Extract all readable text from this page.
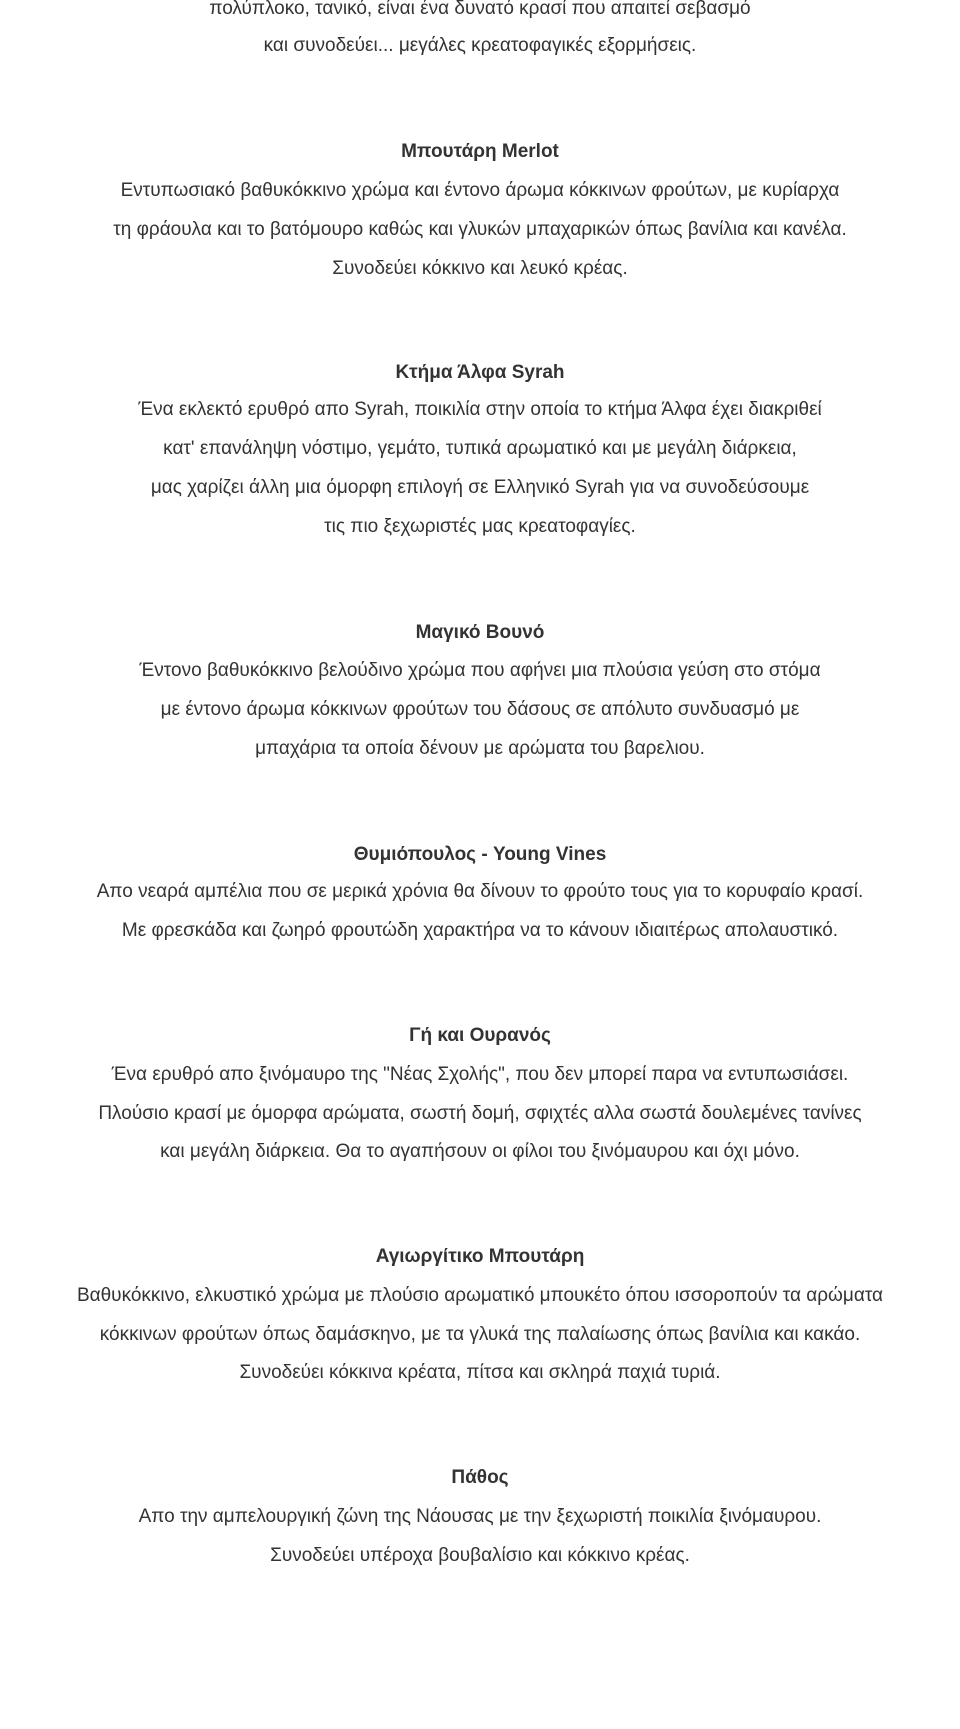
πολύπλοκο, τανικό, είναι ένα δυνατό κρασί που απαιτεί σεβασμό
και συνοδεύει... μεγάλες κρεατοφαγικές εξορμήσεις.
Μπουτάρη Merlot
Εντυπωσιακό βαθυκόκκινο χρώμα και έντονο άρωμα κόκκινων φρούτων, με κυρίαρχα
τη φράουλα και το βατόμουρο καθώς και γλυκών μπαχαρικών όπως βανίλια και κανέλα.
Συνοδεύει κόκκινο και λευκό κρέας.
Κτήμα Άλφα Syrah
Ένα εκλεκτό ερυθρό απο Syrah, ποικιλία στην οποία το κτήμα Άλφα έχει διακριθεί
κατ' επανάληψη νόστιμο, γεμάτο, τυπικά αρωματικό και με μεγάλη διάρκεια,
μας χαρίζει άλλη μια όμορφη επιλογή σε Ελληνικό Syrah για να συνοδεύσουμε
τις πιο ξεχωριστές μας κρεατοφαγίες.
Μαγικό Βουνό
Έντονο βαθυκόκκινο βελούδινο χρώμα που αφήνει μια πλούσια γεύση στο στόμα
με έντονο άρωμα κόκκινων φρούτων του δάσους σε απόλυτο συνδυασμό με
μπαχάρια τα οποία δένουν με αρώματα του βαρελιου.
Θυμιόπουλος - Young Vines
Απο νεαρά αμπέλια που σε μερικά χρόνια θα δίνουν το φρούτο τους για το κορυφαίο κρασί.
Με φρεσκάδα και ζωηρό φρουτώδη χαρακτήρα να το κάνουν ιδιαιτέρως απολαυστικό.
Γή και Ουρανός
Ένα ερυθρό απο ξινόμαυρο της "Νέας Σχολής", που δεν μπορεί παρα να εντυπωσιάσει.
Πλούσιο κρασί με όμορφα αρώματα, σωστή δομή, σφιχτές αλλα σωστά δουλεμένες τανίνες
και μεγάλη διάρκεια. Θα το αγαπήσουν οι φίλοι του ξινόμαυρου και όχι μόνο.
Αγιωργίτικο Μπουτάρη
Βαθυκόκκινο, ελκυστικό χρώμα με πλούσιο αρωματικό μπουκέτο όπου ισσοροπούν τα αρώματα
κόκκινων φρούτων όπως δαμάσκηνο, με τα γλυκά της παλαίωσης όπως βανίλια και κακάο.
Συνοδεύει κόκκινα κρέατα, πίτσα και σκληρά παχιά τυριά.
Πάθος
Απο την αμπελουργική ζώνη της Νάουσας με την ξεχωριστή ποικιλία ξινόμαυρου.
Συνοδεύει υπέροχα βουβαλίσιο και κόκκινο κρέας.
